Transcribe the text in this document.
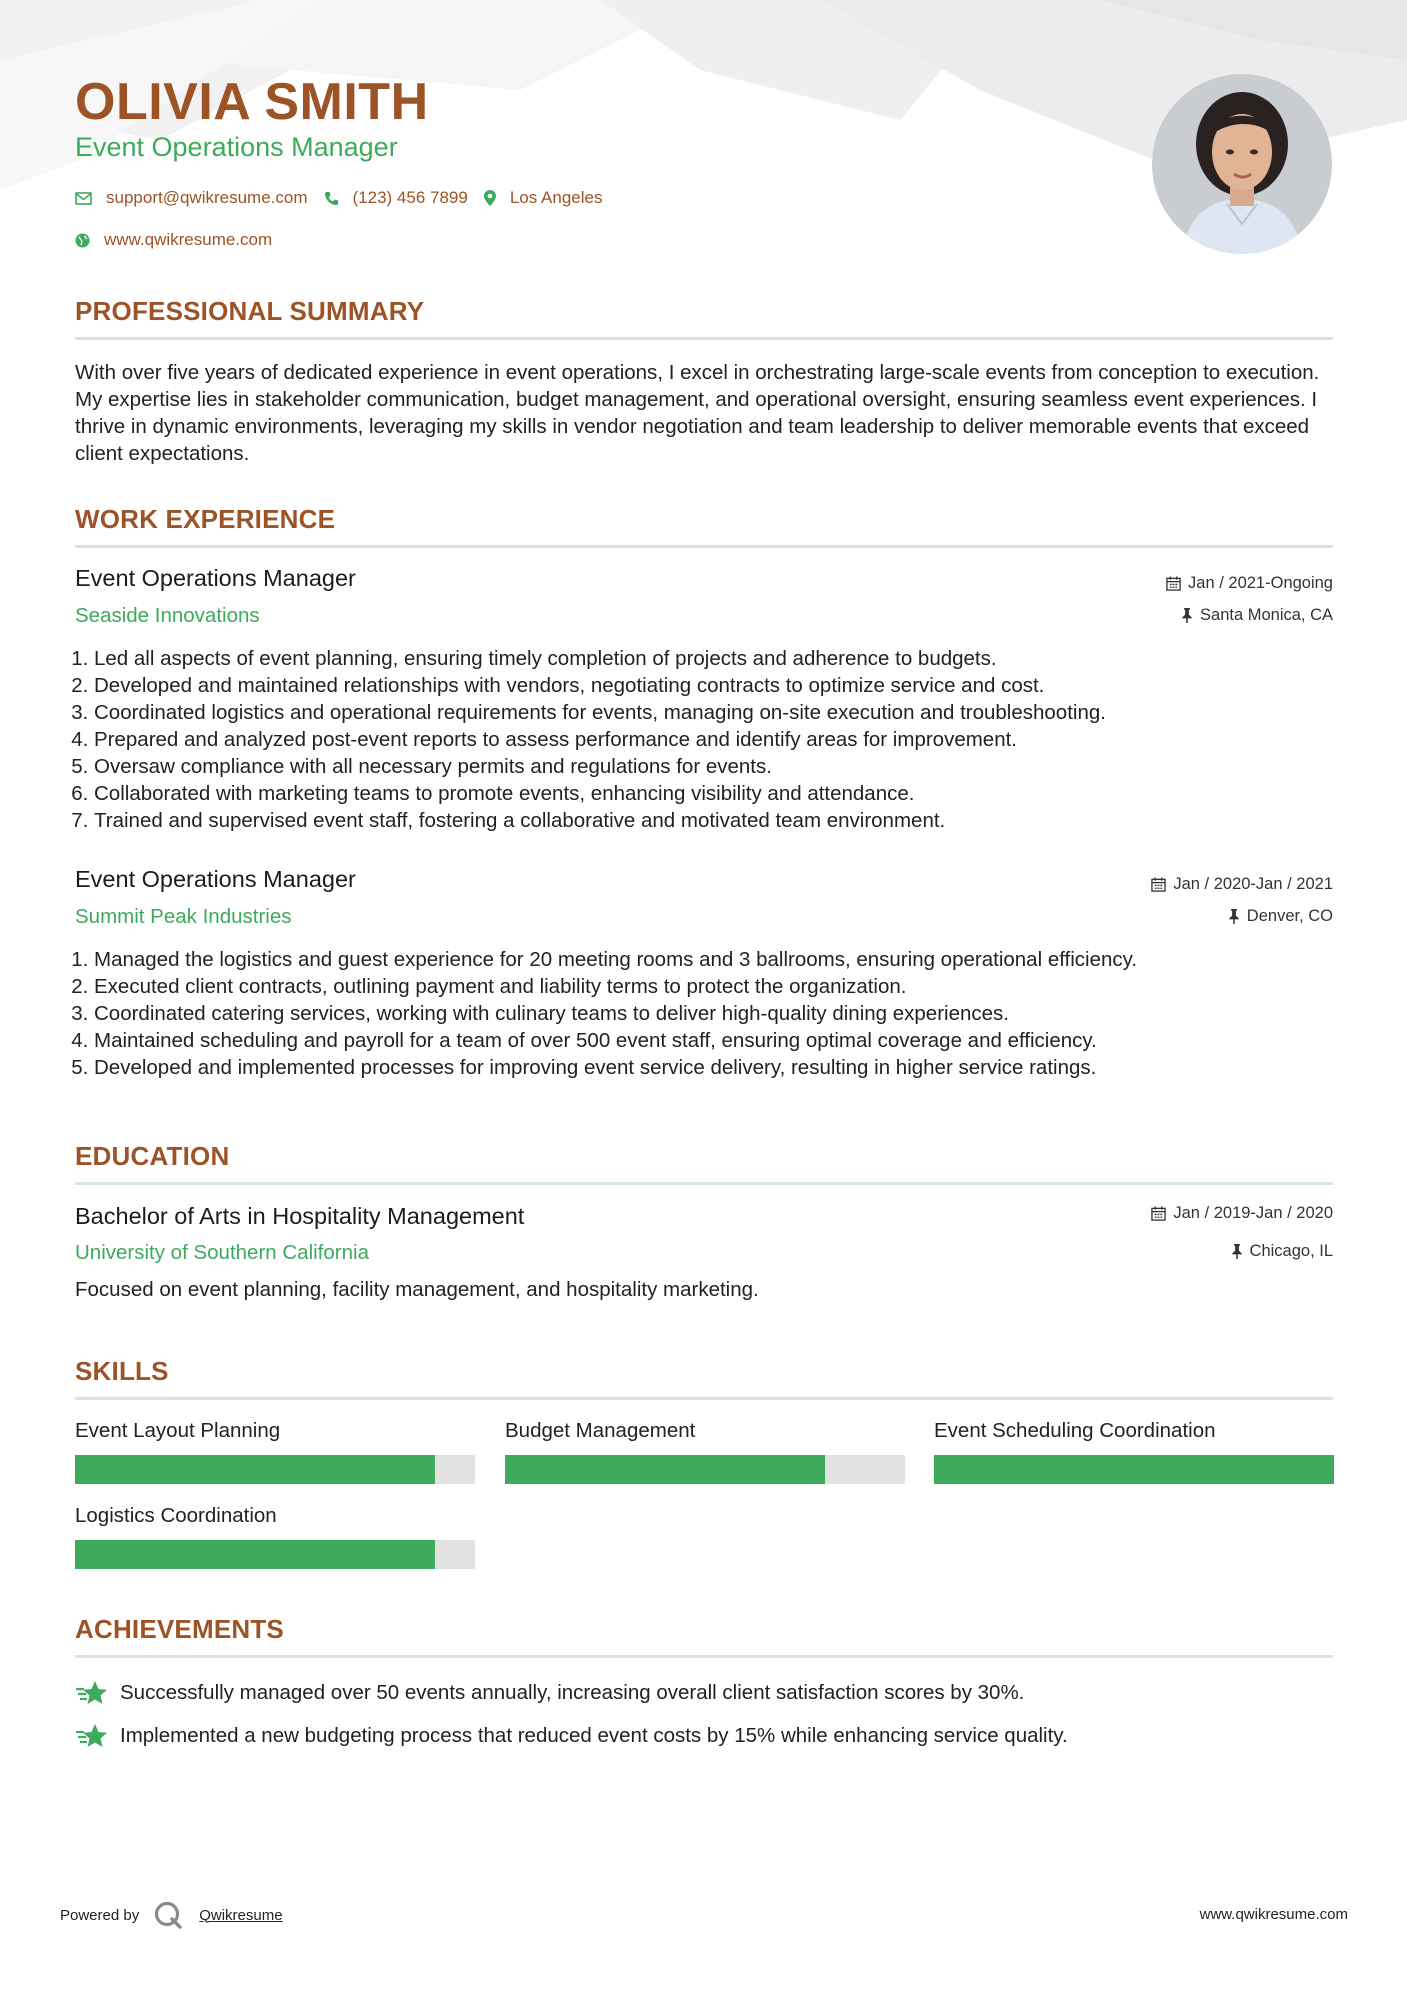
OLIVIA SMITH
Event Operations Manager
support@qwikresume.com	(123) 456 7899 Los Angeles
www.qwikresume.com
PROFESSIONAL SUMMARY

With over five years of dedicated experience in event operations, I excel in orchestrating large-scale events from conception to execution. My expertise lies in stakeholder communication, budget management, and operational oversight, ensuring seamless event experiences. I thrive in dynamic environments, leveraging my skills in vendor negotiation and team leadership to deliver memorable events that exceed client expectations.

WORK EXPERIENCE
Event Operations Manager	Jan / 2021-Ongoing
Seaside Innovations	Santa Monica, CA
1. Led all aspects of event planning, ensuring timely completion of projects and adherence to budgets.
2. Developed and maintained relationships with vendors, negotiating contracts to optimize service and cost.
3. Coordinated logistics and operational requirements for events, managing on-site execution and troubleshooting.
4. Prepared and analyzed post-event reports to assess performance and identify areas for improvement.
5. Oversaw compliance with all necessary permits and regulations for events.
6. Collaborated with marketing teams to promote events, enhancing visibility and attendance.
7. Trained and supervised event staff, fostering a collaborative and motivated team environment.
Event Operations Manager	Jan / 2020-Jan / 2021
Summit Peak Industries	Denver, CO
1. Managed the logistics and guest experience for 20 meeting rooms and 3 ballrooms, ensuring operational efficiency.
2. Executed client contracts, outlining payment and liability terms to protect the organization.
3. Coordinated catering services, working with culinary teams to deliver high-quality dining experiences.
4. Maintained scheduling and payroll for a team of over 500 event staff, ensuring optimal coverage and efficiency.
5. Developed and implemented processes for improving event service delivery, resulting in higher service ratings.
EDUCATION
Bachelor of Arts in Hospitality Management	Jan / 2019-Jan / 2020
University of Southern California	Chicago, IL
Focused on event planning, facility management, and hospitality marketing.
SKILLS
Event Layout Planning	Budget Management	Event Scheduling Coordination
Logistics Coordination
ACHIEVEMENTS
Successfully managed over 50 events annually, increasing overall client satisfaction scores by 30%.
Implemented a new budgeting process that reduced event costs by 15% while enhancing service quality.
Powered by	Qwikresume	www.qwikresume.com
